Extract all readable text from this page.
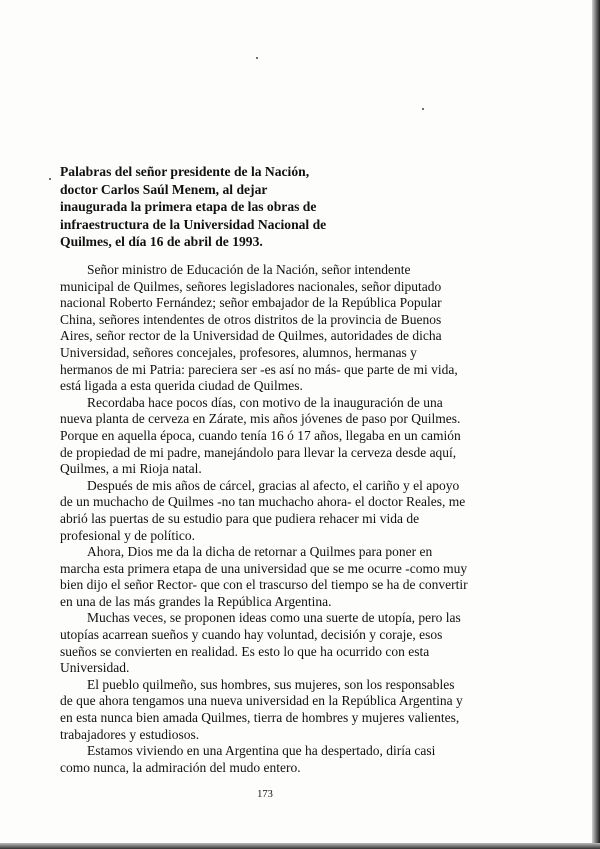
Palabras del señor presidente de la Nación,
doctor Carlos Saúl Menem, al dejar
inaugurada la primera etapa de las obras de
infraestructura de la Universidad Nacional de
Quilmes, el día 16 de abril de 1993.

Señor ministro de Educación de la Nación, señor intendente
municipal de Quilmes, señores legisladores nacionales, señor diputado
nacional Roberto Fernández; señor embajador de la República Popular
China, señores intendentes de otros distritos de la provincia de Buenos
Aires, señor rector de la Universidad de Quilmes, autoridades de dicha
Universidad, señores concejales, profesores, alumnos, hermanas y
hermanos de mi Patria: pareciera ser -es así no más- que parte de mi vida,
está ligada a esta querida ciudad de Quilmes.

Recordaba hace pocos días, con motivo de la inauguración de una
nueva planta de cerveza en Zárate, mis años jóvenes de paso por Quilmes.
Porque en aquella época, cuando tenía 16 ó 17 años, llegaba en un camión
de propiedad de mi padre, manejándolo para llevar la cerveza desde aquí,
Quilmes, a mi Rioja natal.

Después de mis años de cárcel, gracias al afecto, el cariño y el apoyo
de un muchacho de Quilmes -no tan muchacho ahora- el doctor Reales, me
abrió las puertas de su estudio para que pudiera rehacer mi vida de
profesional y de político.

Ahora, Dios me da la dicha de retornar a Quilmes para poner en
marcha esta primera etapa de una universidad que se me ocurre -como muy
bien dijo el señor Rector- que con el trascurso del tiempo se ha de convertir
en una de las más grandes la República Argentina.

Muchas veces, se proponen ideas como una suerte de utopía, pero las
utopías acarrean sueños y cuando hay voluntad, decisión y coraje, esos
sueños se convierten en realidad. Es esto lo que ha ocurrido con esta
Universidad.

El pueblo quilmeño, sus hombres, sus mujeres, son los responsables
de que ahora tengamos una nueva universidad en la República Argentina y
en esta nunca bien amada Quilmes, tierra de hombres y mujeres valientes,
trabajadores y estudiosos.

Estamos viviendo en una Argentina que ha despertado, diría casi
como nunca, la admiración del mudo entero.

173
